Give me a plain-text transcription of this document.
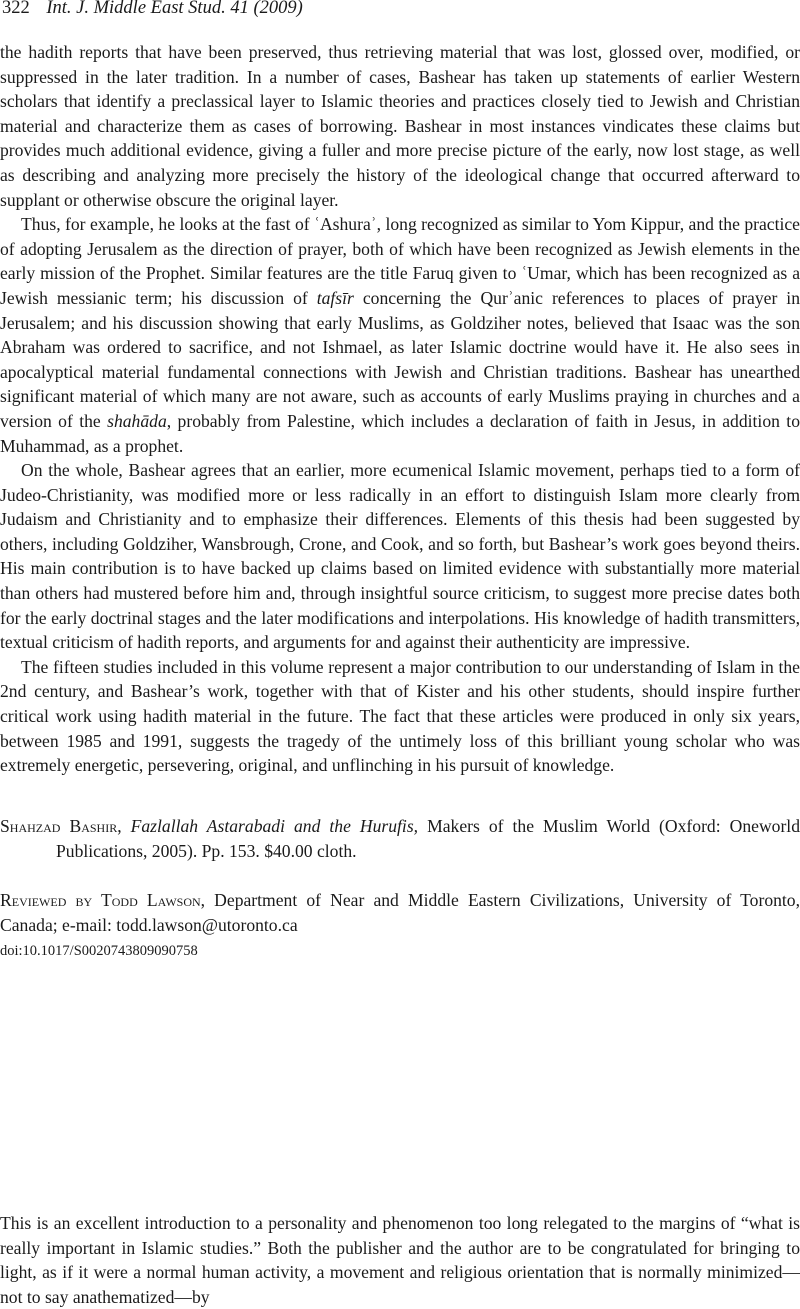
322 Int. J. Middle East Stud. 41 (2009)

the hadith reports that have been preserved, thus retrieving material that was lost, glossed over, modified, or suppressed in the later tradition. In a number of cases, Bashear has taken up statements of earlier Western scholars that identify a preclassical layer to Islamic theories and practices closely tied to Jewish and Christian material and characterize them as cases of borrowing. Bashear in most instances vindicates these claims but provides much additional evidence, giving a fuller and more precise picture of the early, now lost stage, as well as describing and analyzing more precisely the history of the ideological change that occurred afterward to supplant or otherwise obscure the original layer.

Thus, for example, he looks at the fast of ʿAshuraʾ, long recognized as similar to Yom Kippur, and the practice of adopting Jerusalem as the direction of prayer, both of which have been recognized as Jewish elements in the early mission of the Prophet. Similar features are the title Faruq given to ʿUmar, which has been recognized as a Jewish messianic term; his discussion of tafsīr concerning the Qurʾanic references to places of prayer in Jerusalem; and his discussion showing that early Muslims, as Goldziher notes, believed that Isaac was the son Abraham was ordered to sacrifice, and not Ishmael, as later Islamic doctrine would have it. He also sees in apocalyptical material fundamental connections with Jewish and Christian traditions. Bashear has unearthed significant material of which many are not aware, such as accounts of early Muslims praying in churches and a version of the shahāda, probably from Palestine, which includes a declaration of faith in Jesus, in addition to Muhammad, as a prophet.

On the whole, Bashear agrees that an earlier, more ecumenical Islamic movement, perhaps tied to a form of Judeo-Christianity, was modified more or less radically in an effort to distinguish Islam more clearly from Judaism and Christianity and to emphasize their differences. Elements of this thesis had been suggested by others, including Goldziher, Wansbrough, Crone, and Cook, and so forth, but Bashear’s work goes beyond theirs. His main contribution is to have backed up claims based on limited evidence with substantially more material than others had mustered before him and, through insightful source criticism, to suggest more precise dates both for the early doctrinal stages and the later modifications and interpolations. His knowledge of hadith transmitters, textual criticism of hadith reports, and arguments for and against their authenticity are impressive.

The fifteen studies included in this volume represent a major contribution to our understanding of Islam in the 2nd century, and Bashear’s work, together with that of Kister and his other students, should inspire further critical work using hadith material in the future. The fact that these articles were produced in only six years, between 1985 and 1991, suggests the tragedy of the untimely loss of this brilliant young scholar who was extremely energetic, persevering, original, and unflinching in his pursuit of knowledge.

Shahzad Bashir, Fazlallah Astarabadi and the Hurufis, Makers of the Muslim World (Oxford: Oneworld Publications, 2005). Pp. 153. $40.00 cloth.
Reviewed by Todd Lawson, Department of Near and Middle Eastern Civilizations, University of Toronto, Canada; e-mail: todd.lawson@utoronto.ca
doi:10.1017/S0020743809090758

This is an excellent introduction to a personality and phenomenon too long relegated to the margins of “what is really important in Islamic studies.” Both the publisher and the author are to be congratulated for bringing to light, as if it were a normal human activity, a movement and religious orientation that is normally minimized—not to say anathematized—by
